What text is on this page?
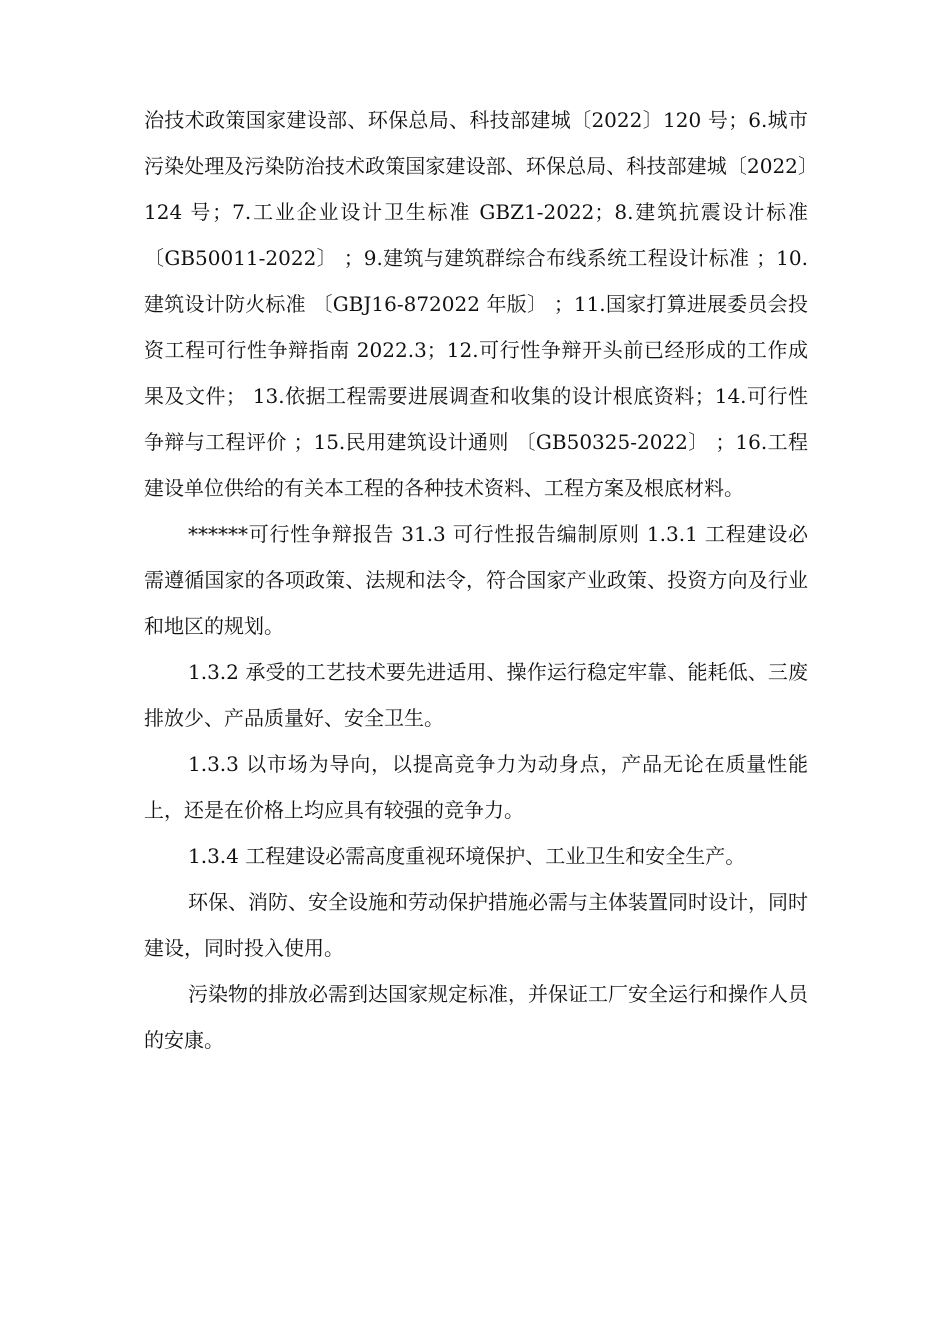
治技术政策国家建设部、环保总局、科技部建城〔2022〕120 号；6.城市污染处理及污染防治技术政策国家建设部、环保总局、科技部建城〔2022〕124 号；7.工业企业设计卫生标准 GBZ1-2022；8.建筑抗震设计标准 〔GB50011-2022〕 ；9.建筑与建筑群综合布线系统工程设计标准 ；10.建筑设计防火标准 〔GBJ16-872022 年版〕 ；11.国家打算进展委员会投资工程可行性争辩指南 2022.3；12.可行性争辩开头前已经形成的工作成果及文件； 13.依据工程需要进展调查和收集的设计根底资料；14.可行性争辩与工程评价 ；15.民用建筑设计通则 〔GB50325-2022〕 ；16.工程建设单位供给的有关本工程的各种技术资料、工程方案及根底材料。

******可行性争辩报告 31.3 可行性报告编制原则 1.3.1 工程建设必需遵循国家的各项政策、法规和法令，符合国家产业政策、投资方向及行业和地区的规划。

1.3.2 承受的工艺技术要先进适用、操作运行稳定牢靠、能耗低、三废排放少、产品质量好、安全卫生。

1.3.3 以市场为导向，以提高竞争力为动身点，产品无论在质量性能上，还是在价格上均应具有较强的竞争力。

1.3.4 工程建设必需高度重视环境保护、工业卫生和安全生产。

环保、消防、安全设施和劳动保护措施必需与主体装置同时设计，同时建设，同时投入使用。

污染物的排放必需到达国家规定标准，并保证工厂安全运行和操作人员的安康。
